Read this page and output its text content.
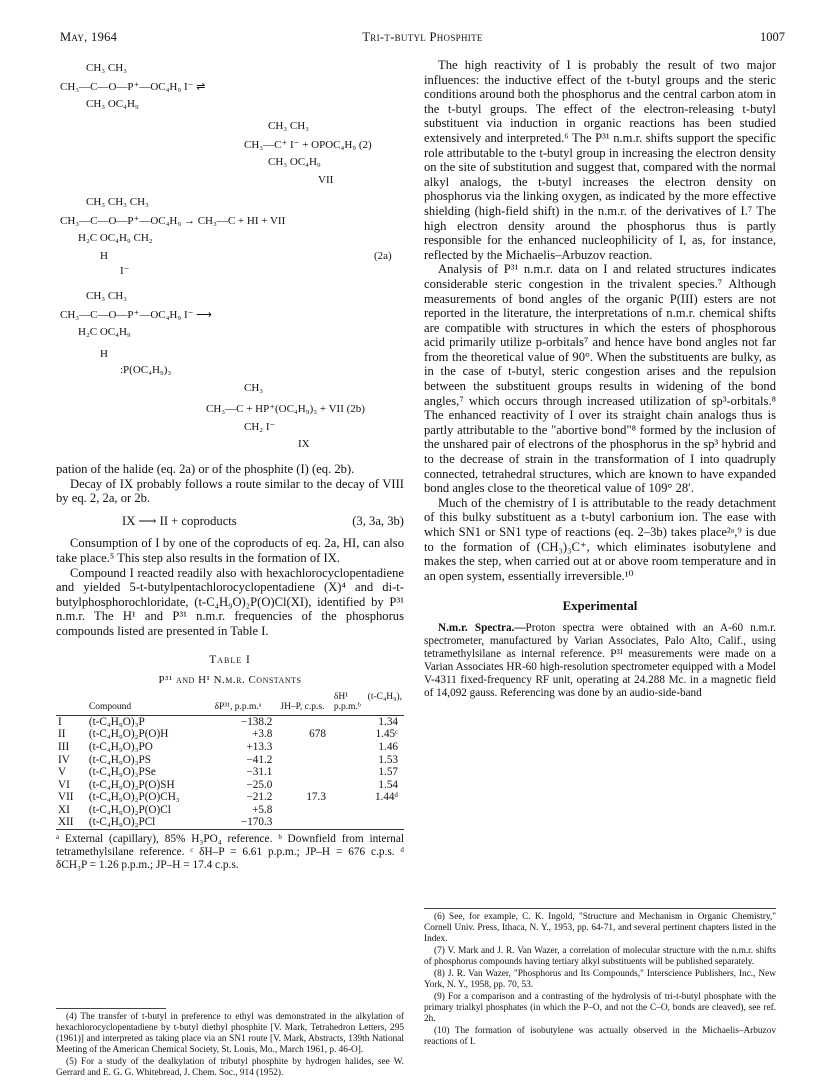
May, 1964	Tri-t-butyl Phosphite	1007
CH₃ CH₃
CH₃—C—O—P⁺—OC₄H₉ I⁻ ⇌
CH₃ OC₄H₉
CH₃ CH₃
CH₃—C⁺ I⁻ + OPOC₄H₉ (2)
CH₃ OC₄H₉
VII
CH₃ CH₃ CH₃
CH₃—C—O—P⁺—OC₄H₉ → CH₃—C + HI + VII
H₂C OC₄H₉ CH₂
H
I⁻
(2a)
CH₃ CH₃
CH₃—C—O—P⁺—OC₄H₉ I⁻ ⟶
H₂C OC₄H₉
H
:P(OC₄H₉)₃
CH₃
CH₃—C + HP⁺(OC₄H₉)₃ + VII (2b)
CH₂ I⁻
IX

pation of the halide (eq. 2a) or of the phosphite (I) (eq. 2b).

Decay of IX probably follows a route similar to the decay of VIII by eq. 2, 2a, or 2b.

IX ⟶ II + coproducts	(3, 3a, 3b)

Consumption of I by one of the coproducts of eq. 2a, HI, can also take place.⁵ This step also results in the formation of IX.

Compound I reacted readily also with hexachlorocyclopentadiene and yielded 5-t-butylpentachlorocyclopentadiene (X)⁴ and di-t-butylphosphorochloridate, (t-C₄H₉O)₂P(O)Cl(XI), identified by P³¹ n.m.r. The H¹ and P³¹ n.m.r. frequencies of the phosphorus compounds listed are presented in Table I.

Table I
P³¹ and H¹ N.m.r. Constants
	Compound	δP³¹, p.p.m.ᵃ	JH–P, c.p.s.	δH¹ (t-C₄H₉), p.p.m.ᵇ
I	(t-C₄H₉O)₃P	−138.2		1.34
II	(t-C₄H₉O)₂P(O)H	+3.8	678	1.45ᶜ
III	(t-C₄H₉O)₃PO	+13.3		1.46
IV	(t-C₄H₉O)₃PS	−41.2		1.53
V	(t-C₄H₉O)₃PSe	−31.1		1.57
VI	(t-C₄H₉O)₂P(O)SH	−25.0		1.54
VII	(t-C₄H₉O)₂P(O)CH₃	−21.2	17.3	1.44ᵈ
XI	(t-C₄H₉O)₂P(O)Cl	+5.8		
XII	(t-C₄H₉O)₂PCl	−170.3		
ᵃ External (capillary), 85% H₃PO₄ reference. ᵇ Downfield from internal tetramethylsilane reference. ᶜ δH–P = 6.61 p.p.m.; JP–H = 676 c.p.s. ᵈ δCH₃P = 1.26 p.p.m.; JP–H = 17.4 c.p.s.

(4) The transfer of t-butyl in preference to ethyl was demonstrated in the alkylation of hexachlorocyclopentadiene by t-butyl diethyl phosphite [V. Mark, Tetrahedron Letters, 295 (1961)] and interpreted as taking place via an SN1 route [V. Mark, Abstracts, 139th National Meeting of the American Chemical Society, St. Louis, Mo., March 1961, p. 46-O].

(5) For a study of the dealkylation of tributyl phosphite by hydrogen halides, see W. Gerrard and E. G. G. Whitebread, J. Chem. Soc., 914 (1952).

The high reactivity of I is probably the result of two major influences: the inductive effect of the t-butyl groups and the steric conditions around both the phosphorus and the central carbon atom in the t-butyl groups. The effect of the electron-releasing t-butyl substituent via induction in organic reactions has been studied extensively and interpreted.⁶ The P³¹ n.m.r. shifts support the specific role attributable to the t-butyl group in increasing the electron density on the site of substitution and suggest that, compared with the normal alkyl analogs, the t-butyl increases the electron density on phosphorus via the linking oxygen, as indicated by the more effective shielding (high-field shift) in the n.m.r. of the derivatives of I.⁷ The high electron density around the phosphorus thus is partly responsible for the enhanced nucleophilicity of I, as, for instance, reflected by the Michaelis–Arbuzov reaction.

Analysis of P³¹ n.m.r. data on I and related structures indicates considerable steric congestion in the trivalent species.⁷ Although measurements of bond angles of the organic P(III) esters are not reported in the literature, the interpretations of n.m.r. chemical shifts are compatible with structures in which the esters of phosphorous acid primarily utilize p-orbitals⁷ and hence have bond angles not far from the theoretical value of 90°. When the substituents are bulky, as in the case of t-butyl, steric congestion arises and the repulsion between the substituent groups results in widening of the bond angles,⁷ which occurs through increased utilization of sp³-orbitals.⁸ The enhanced reactivity of I over its straight chain analogs thus is partly attributable to the "abortive bond"⁸ formed by the inclusion of the unshared pair of electrons of the phosphorus in the sp³ hybrid and to the decrease of strain in the transformation of I into quadruply connected, tetrahedral structures, which are known to have expanded bond angles close to the theoretical value of 109° 28′.

Much of the chemistry of I is attributable to the ready detachment of this bulky substituent as a t-butyl carbonium ion. The ease with which SN1 or SN1 type of reactions (eq. 2–3b) takes place²ᵃ,⁹ is due to the formation of (CH₃)₃C⁺, which eliminates isobutylene and makes the step, when carried out at or above room temperature and in an open system, essentially irreversible.¹⁰

Experimental

N.m.r. Spectra.—Proton spectra were obtained with an A-60 n.m.r. spectrometer, manufactured by Varian Associates, Palo Alto, Calif., using tetramethylsilane as internal reference. P³¹ measurements were made on a Varian Associates HR-60 high-resolution spectrometer equipped with a Model V-4311 fixed-frequency RF unit, operating at 24.288 Mc. in a magnetic field of 14,092 gauss. Referencing was done by an audio-side-band

(6) See, for example, C. K. Ingold, "Structure and Mechanism in Organic Chemistry," Cornell Univ. Press, Ithaca, N. Y., 1953, pp. 64-71, and several pertinent chapters listed in the Index.

(7) V. Mark and J. R. Van Wazer, a correlation of molecular structure with the n.m.r. shifts of phosphorus compounds having tertiary alkyl substituents will be published separately.

(8) J. R. Van Wazer, "Phosphorus and Its Compounds," Interscience Publishers, Inc., New York, N. Y., 1958, pp. 70, 53.

(9) For a comparison and a contrasting of the hydrolysis of tri-t-butyl phosphate with the primary trialkyl phosphates (in which the P–O, and not the C–O, bonds are cleaved), see ref. 2h.

(10) The formation of isobutylene was actually observed in the Michaelis–Arbuzov reactions of I.
